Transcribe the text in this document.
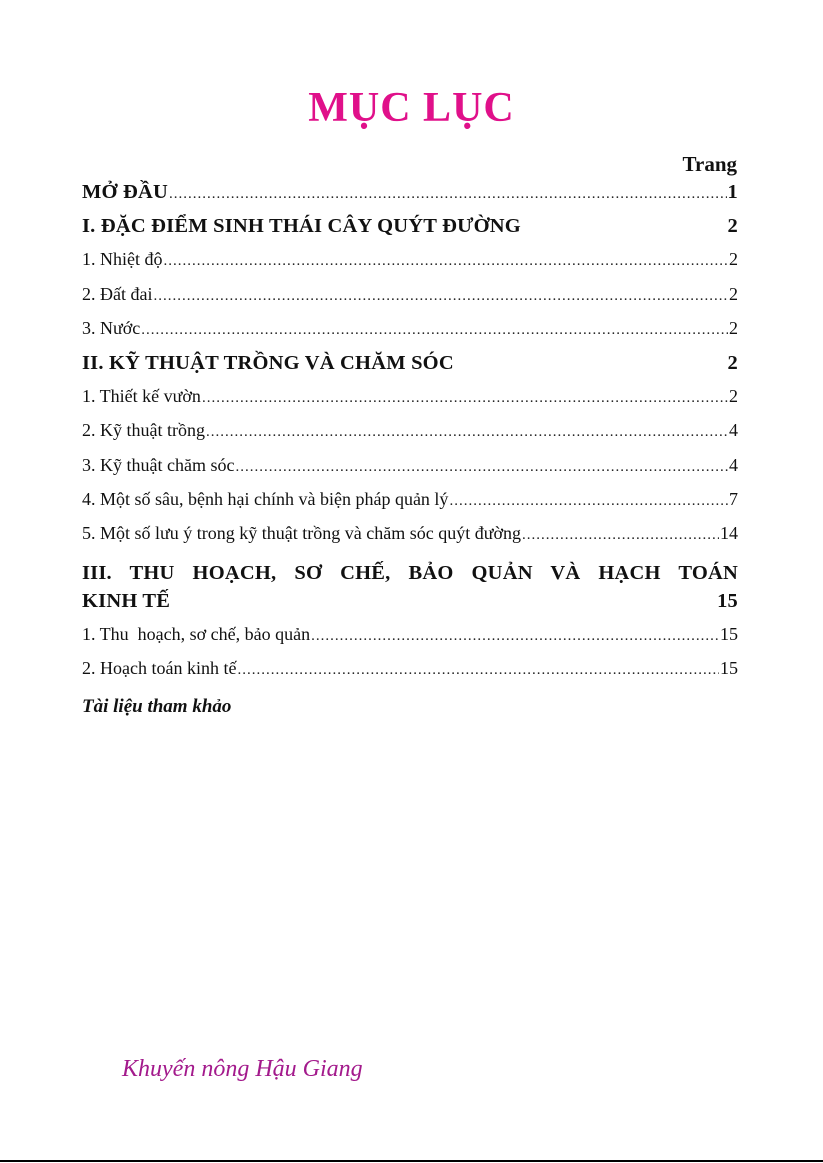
MỤC LỤC
Trang
MỞ ĐẦU .....	1
I. ĐẶC ĐIỂM SINH THÁI CÂY QUÝT ĐƯỜNG	2
1. Nhiệt độ .....	2
2. Đất đai .....	2
3. Nước .....	2
II. KỸ THUẬT TRỒNG VÀ CHĂM SÓC	2
1. Thiết kế vườn .....	2
2. Kỹ thuật trồng .....	4
3. Kỹ thuật chăm sóc .....	4
4. Một số sâu, bệnh hại chính và biện pháp quản lý .....	7
5. Một số lưu ý trong kỹ thuật trồng và chăm sóc quýt đường .....	14
III. THU HOẠCH, SƠ CHẾ, BẢO QUẢN VÀ HẠCH TOÁN
KINH TẾ	15
1. Thu  hoạch, sơ chế, bảo quản .....	15
2. Hoạch toán kinh tế .....	15
Tài liệu tham khảo
Khuyến nông Hậu Giang
